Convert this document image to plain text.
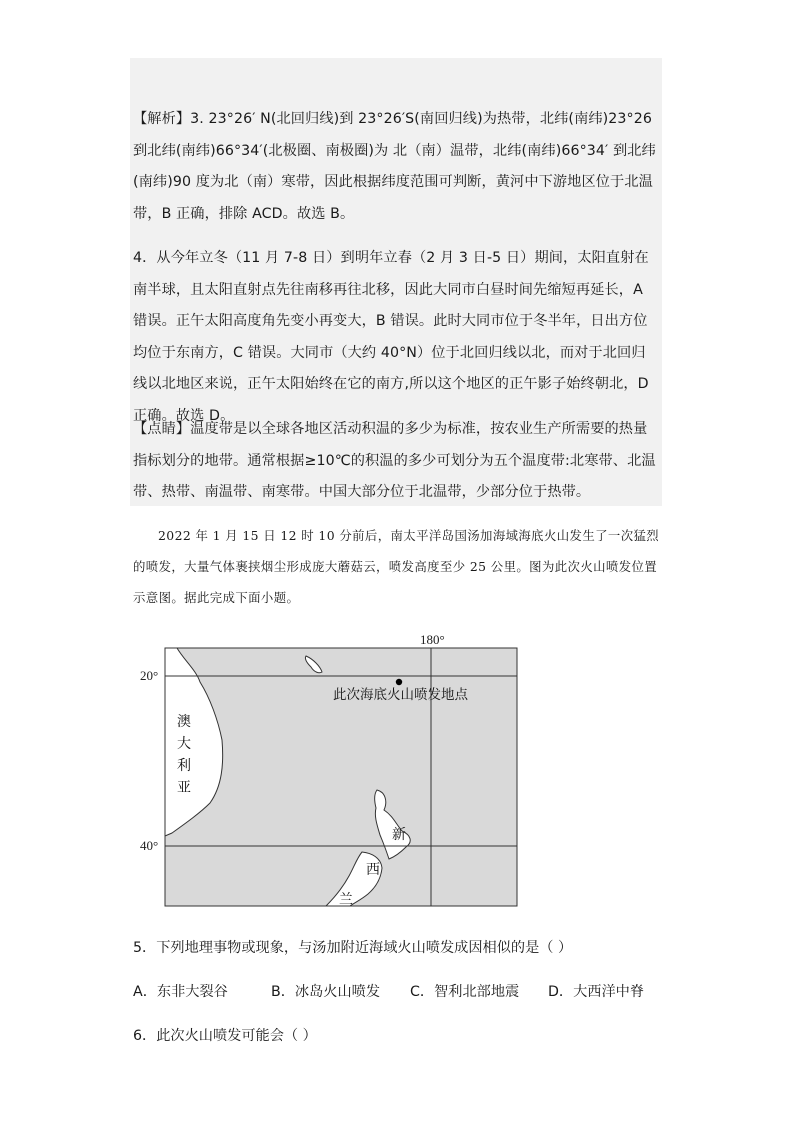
【解析】3. 23°26′ N(北回归线)到 23°26′S(南回归线)为热带，北纬(南纬)23°26到北纬(南纬)66°34′(北极圈、南极圈)为 北（南）温带，北纬(南纬)66°34′ 到北纬(南纬)90 度为北（南）寒带，因此根据纬度范围可判断，黄河中下游地区位于北温带，B 正确，排除 ACD。故选 B。

4．从今年立冬（11 月 7-8 日）到明年立春（2 月 3 日-5 日）期间，太阳直射在南半球，且太阳直射点先往南移再往北移，因此大同市白昼时间先缩短再延长，A 错误。正午太阳高度角先变小再变大，B 错误。此时大同市位于冬半年，日出方位均位于东南方，C 错误。大同市（大约 40°N）位于北回归线以北，而对于北回归线以北地区来说，正午太阳始终在它的南方,所以这个地区的正午影子始终朝北，D 正确。故选 D。

【点睛】温度带是以全球各地区活动积温的多少为标准，按农业生产所需要的热量指标划分的地带。通常根据≥10℃的积温的多少可划分为五个温度带:北寒带、北温带、热带、南温带、南寒带。中国大部分位于北温带，少部分位于热带。

2022 年 1 月 15 日 12 时 10 分前后，南太平洋岛国汤加海域海底火山发生了一次猛烈的喷发，大量气体裹挟烟尘形成庞大蘑菇云，喷发高度至少 25 公里。图为此次火山喷发位置示意图。据此完成下面小题。

180°
20°
40°
此次海底火山喷发地点
澳
大
利
亚
新
西
兰

5．下列地理事物或现象，与汤加附近海域火山喷发成因相似的是（ ）

A．东非大裂谷	B．冰岛火山喷发 C．智利北部地震 D．大西洋中脊

6．此次火山喷发可能会（ ）
